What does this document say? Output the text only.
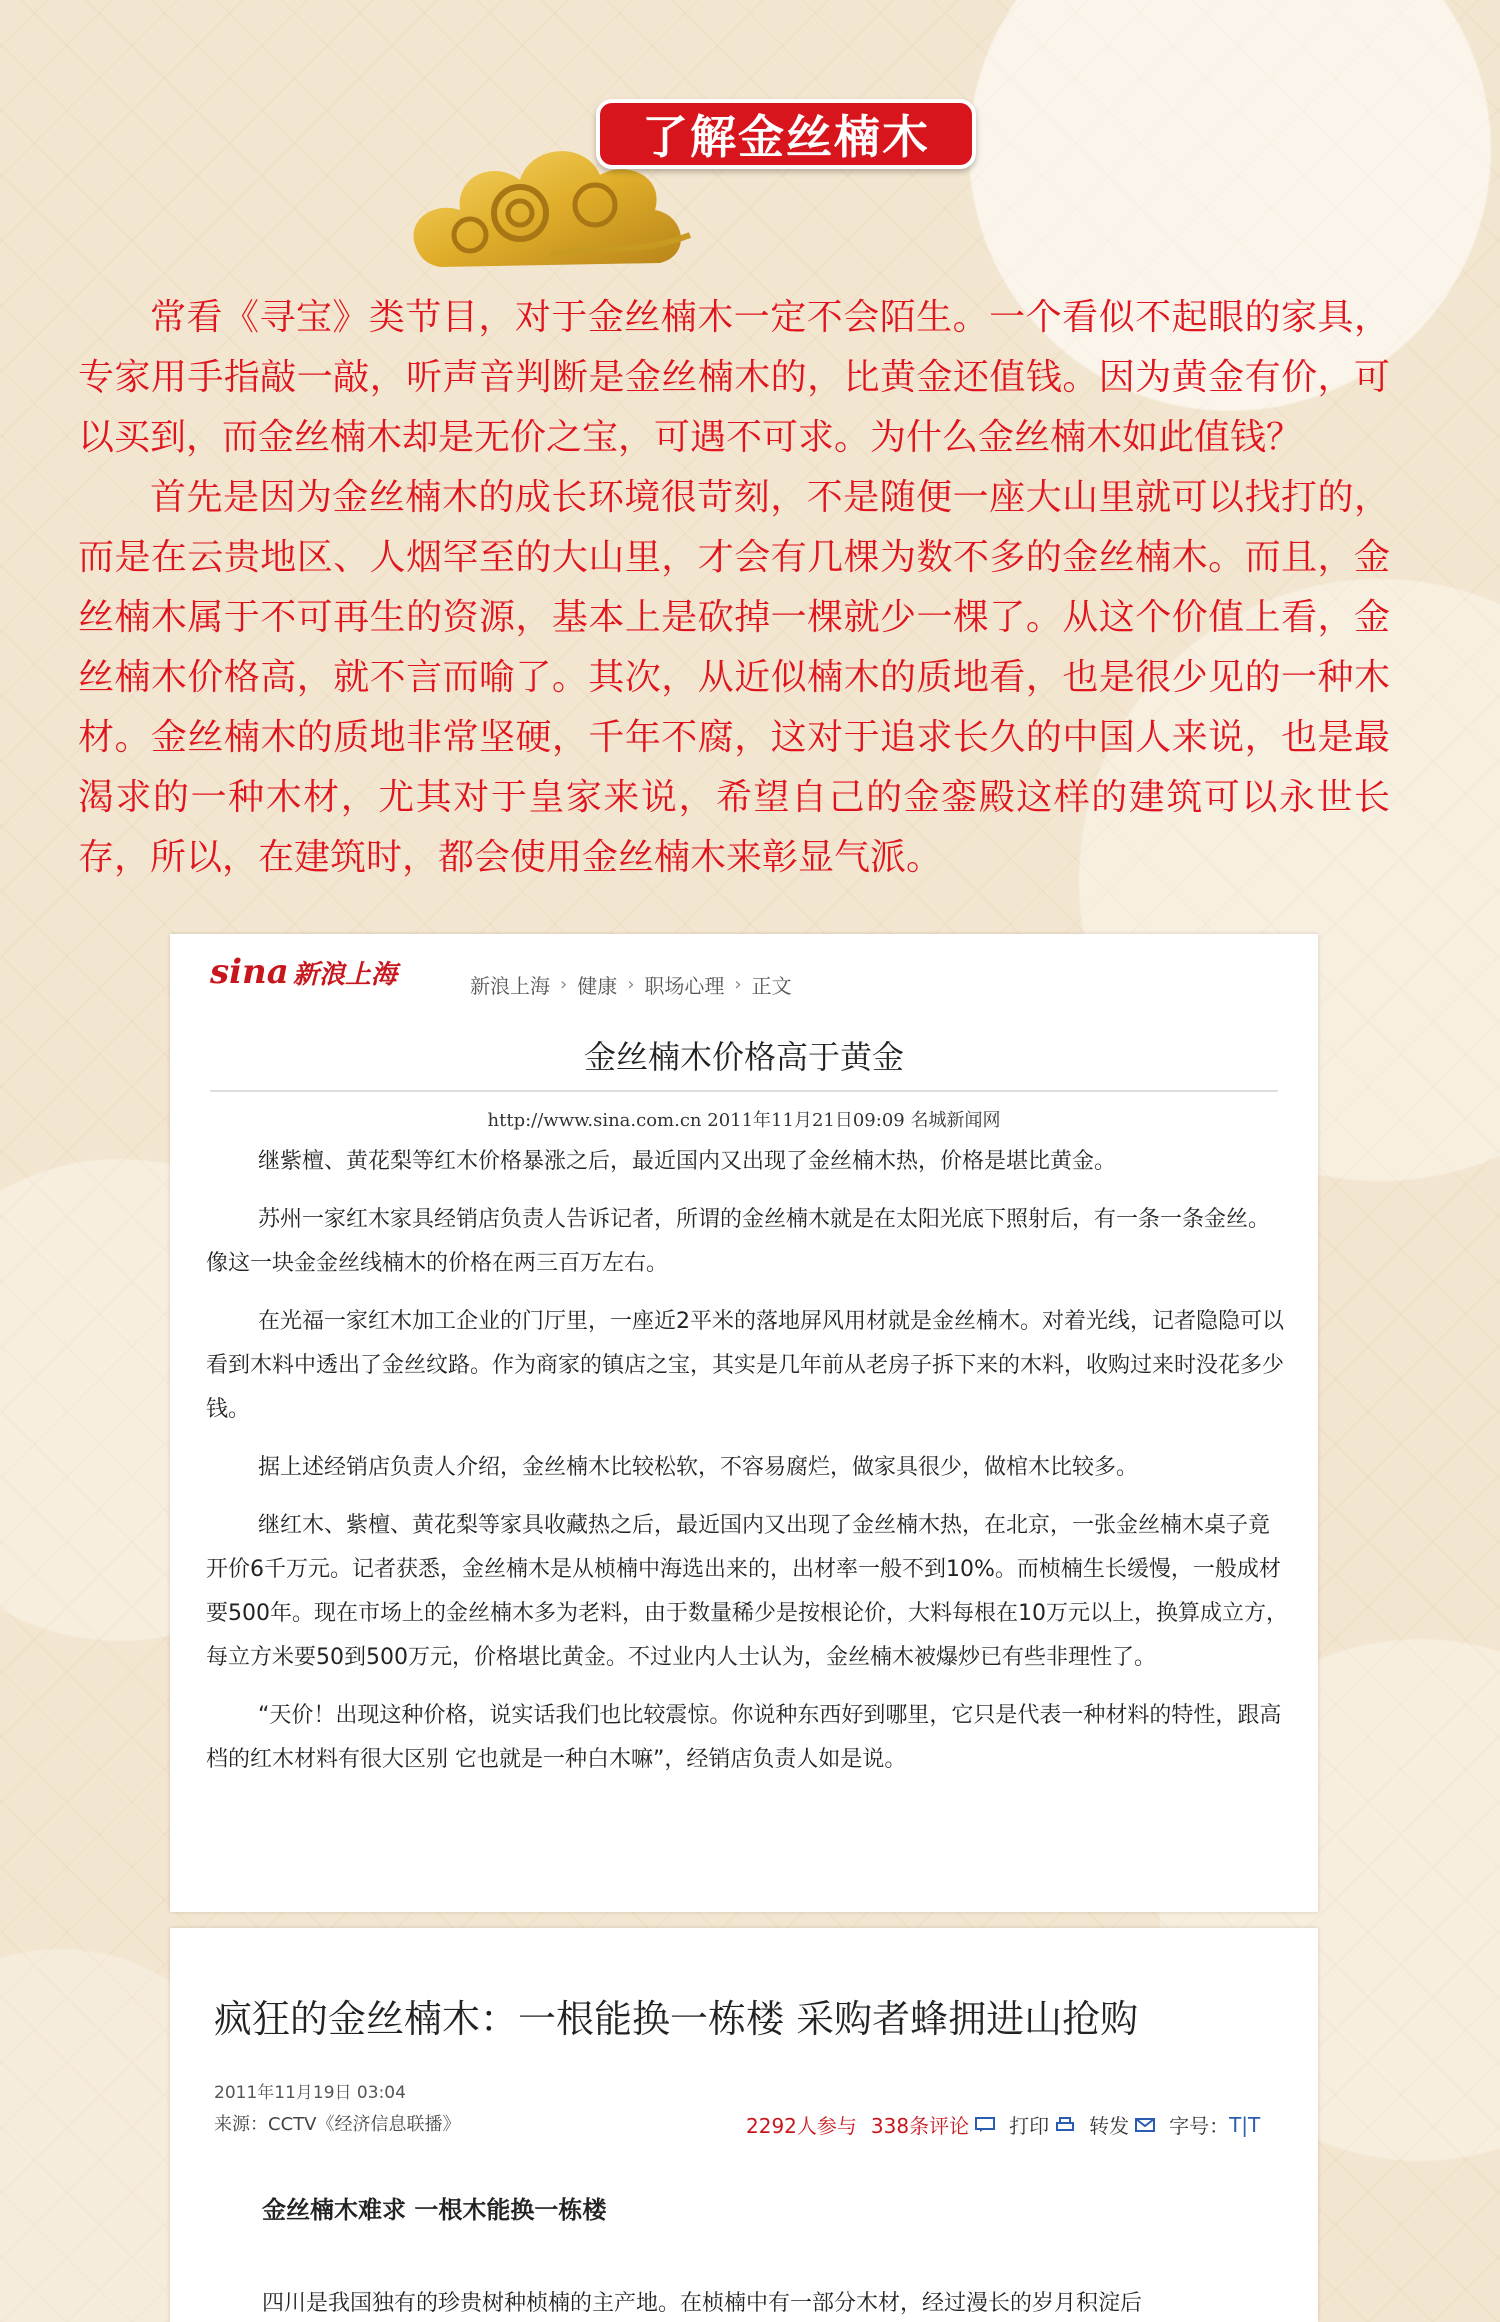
了解金丝楠木

常看《寻宝》类节目，对于金丝楠木一定不会陌生。一个看似不起眼的家具，专家用手指敲一敲，听声音判断是金丝楠木的，比黄金还值钱。因为黄金有价，可以买到，而金丝楠木却是无价之宝，可遇不可求。为什么金丝楠木如此值钱？

首先是因为金丝楠木的成长环境很苛刻，不是随便一座大山里就可以找打的，而是在云贵地区、人烟罕至的大山里，才会有几棵为数不多的金丝楠木。而且，金丝楠木属于不可再生的资源，基本上是砍掉一棵就少一棵了。从这个价值上看，金丝楠木价格高，就不言而喻了。其次，从近似楠木的质地看，也是很少见的一种木材。金丝楠木的质地非常坚硬，千年不腐，这对于追求长久的中国人来说，也是最渴求的一种木材，尤其对于皇家来说，希望自己的金銮殿这样的建筑可以永世长存，所以，在建筑时，都会使用金丝楠木来彰显气派。

sina 新浪上海	新浪上海 › 健康 › 职场心理 › 正文
金丝楠木价格高于黄金
http://www.sina.com.cn 2011年11月21日09:09 名城新闻网

继紫檀、黄花梨等红木价格暴涨之后，最近国内又出现了金丝楠木热，价格是堪比黄金。

苏州一家红木家具经销店负责人告诉记者，所谓的金丝楠木就是在太阳光底下照射后，有一条一条金丝。像这一块金金丝线楠木的价格在两三百万左右。

在光福一家红木加工企业的门厅里，一座近2平米的落地屏风用材就是金丝楠木。对着光线，记者隐隐可以看到木料中透出了金丝纹路。作为商家的镇店之宝，其实是几年前从老房子拆下来的木料，收购过来时没花多少钱。

据上述经销店负责人介绍，金丝楠木比较松软，不容易腐烂，做家具很少，做棺木比较多。

继红木、紫檀、黄花梨等家具收藏热之后，最近国内又出现了金丝楠木热，在北京，一张金丝楠木桌子竟开价6千万元。记者获悉，金丝楠木是从桢楠中海选出来的，出材率一般不到10%。而桢楠生长缓慢，一般成材要500年。现在市场上的金丝楠木多为老料，由于数量稀少是按根论价，大料每根在10万元以上，换算成立方，每立方米要50到500万元，价格堪比黄金。不过业内人士认为，金丝楠木被爆炒已有些非理性了。

“天价！出现这种价格，说实话我们也比较震惊。你说种东西好到哪里，它只是代表一种材料的特性，跟高档的红木材料有很大区别 它也就是一种白木嘛”，经销店负责人如是说。

疯狂的金丝楠木：一根能换一栋楼 采购者蜂拥进山抢购
2011年11月19日 03:04
来源：CCTV《经济信息联播》	2292人参与 338条评论 打印 转发 字号： T|T
金丝楠木难求 一根木能换一栋楼
四川是我国独有的珍贵树种桢楠的主产地。在桢楠中有一部分木材，经过漫长的岁月积淀后
